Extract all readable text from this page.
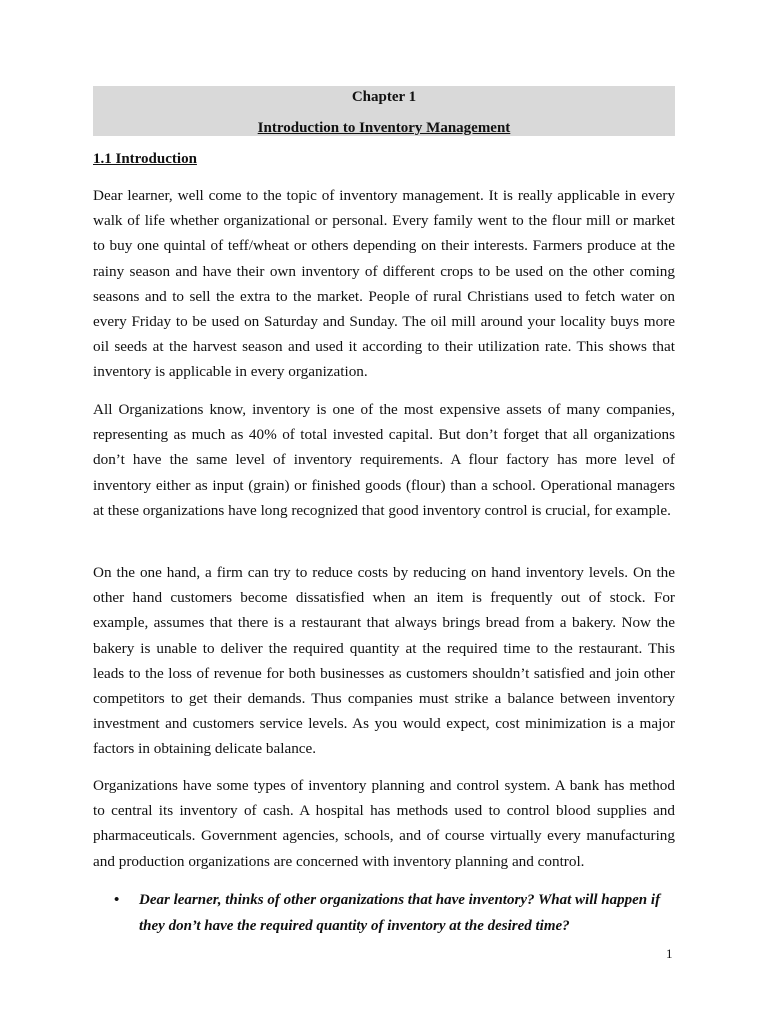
Chapter 1
Introduction to Inventory Management
1.1 Introduction

Dear learner, well come to the topic of inventory management. It is really applicable in every walk of life whether organizational or personal. Every family went to the flour mill or market to buy one quintal of teff/wheat or others depending on their interests. Farmers produce at the rainy season and have their own inventory of different crops to be used on the other coming seasons and to sell the extra to the market. People of rural Christians used to fetch water on every Friday to be used on Saturday and Sunday. The oil mill around your locality buys more oil seeds at the harvest season and used it according to their utilization rate. This shows that inventory is applicable in every organization.

All Organizations know, inventory is one of the most expensive assets of many companies, representing as much as 40% of total invested capital. But don’t forget that all organizations don’t have the same level of inventory requirements. A flour factory has more level of inventory either as input (grain) or finished goods (flour) than a school. Operational managers at these organizations have long recognized that good inventory control is crucial, for example.

On the one hand, a firm can try to reduce costs by reducing on hand inventory levels. On the other hand customers become dissatisfied when an item is frequently out of stock. For example, assumes that there is a restaurant that always brings bread from a bakery. Now the bakery is unable to deliver the required quantity at the required time to the restaurant. This leads to the loss of revenue for both businesses as customers shouldn’t satisfied and join other competitors to get their demands. Thus companies must strike a balance between inventory investment and customers service levels. As you would expect, cost minimization is a major factors in obtaining delicate balance.

Organizations have some types of inventory planning and control system. A bank has method to central its inventory of cash. A hospital has methods used to control blood supplies and pharmaceuticals. Government agencies, schools, and of course virtually every manufacturing and production organizations are concerned with inventory planning and control.

• Dear learner, thinks of other organizations that have inventory? What will happen if they don’t have the required quantity of inventory at the desired time?
1
